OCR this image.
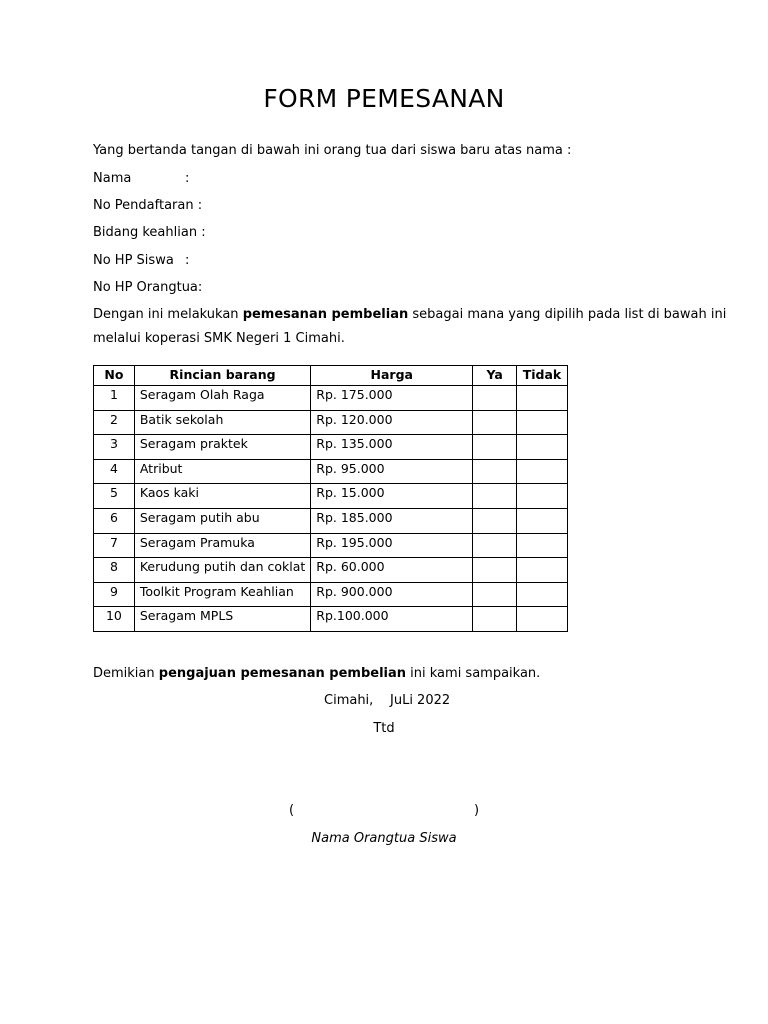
FORM PEMESANAN
Yang bertanda tangan di bawah ini orang tua dari siswa baru atas nama :
Nama	:
No Pendaftaran :
Bidang keahlian :
No HP Siswa :
No HP Orangtua:
Dengan ini melakukan pemesanan pembelian sebagai mana yang dipilih pada list di bawah ini
melalui koperasi SMK Negeri 1 Cimahi.
No	Rincian barang	Harga	Ya	Tidak
1	Seragam Olah Raga	Rp. 175.000		
2	Batik sekolah	Rp. 120.000		
3	Seragam praktek	Rp. 135.000		
4	Atribut	Rp. 95.000		
5	Kaos kaki	Rp. 15.000		
6	Seragam putih abu	Rp. 185.000		
7	Seragam Pramuka	Rp. 195.000		
8	Kerudung putih dan coklat	Rp. 60.000		
9	Toolkit Program Keahlian	Rp. 900.000		
10	Seragam MPLS	Rp.100.000		
Demikian pengajuan pemesanan pembelian ini kami sampaikan.
Cimahi, JuLi 2022
Ttd
(	)
Nama Orangtua Siswa
